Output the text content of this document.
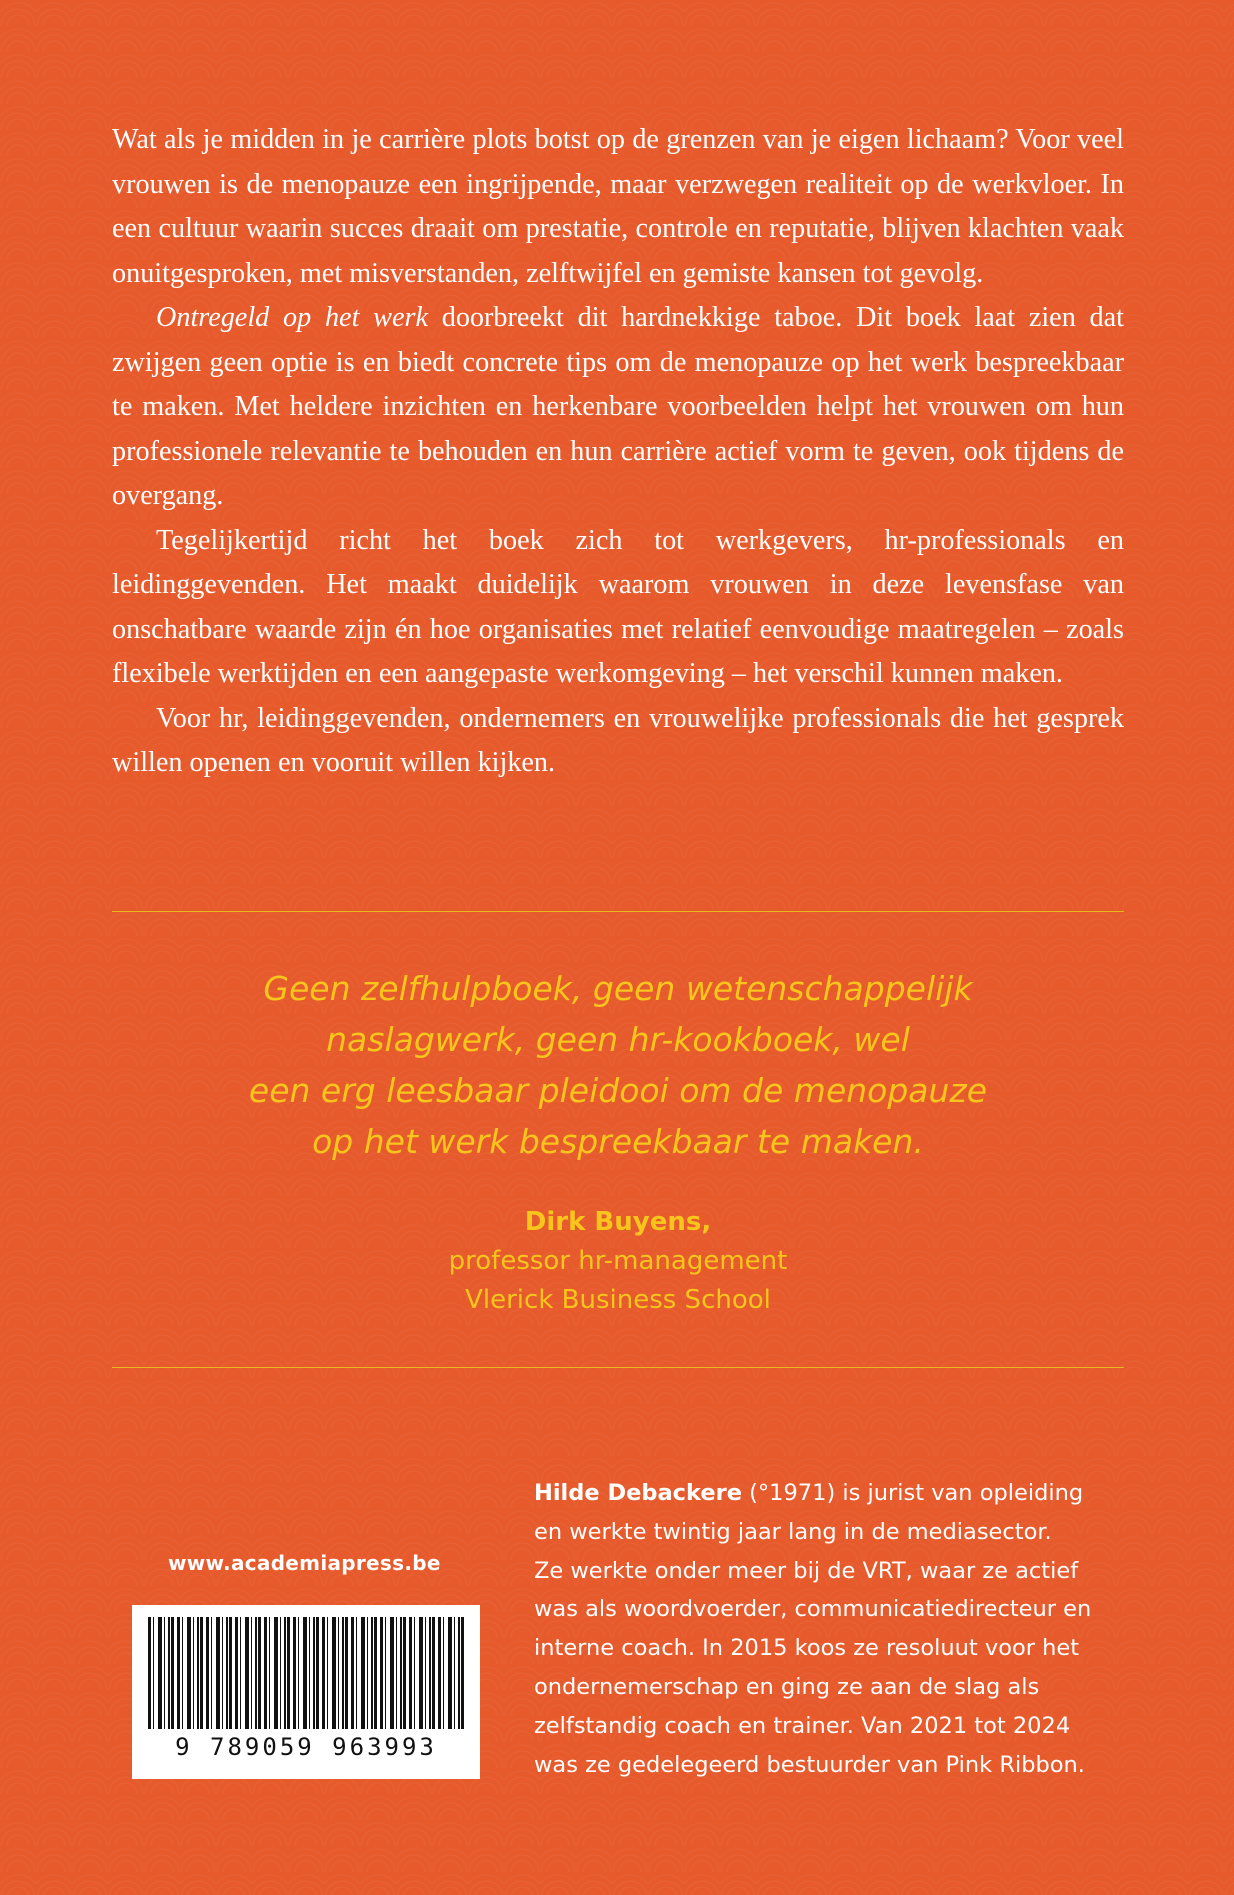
Wat als je midden in je carrière plots botst op de grenzen van je eigen lichaam? Voor veel vrouwen is de menopauze een ingrijpende, maar verzwegen realiteit op de werkvloer. In een cultuur waarin succes draait om prestatie, controle en reputatie, blijven klachten vaak onuitgesproken, met misverstanden, zelftwijfel en gemiste kansen tot gevolg.

Ontregeld op het werk doorbreekt dit hardnekkige taboe. Dit boek laat zien dat zwijgen geen optie is en biedt concrete tips om de menopauze op het werk bespreekbaar te maken. Met heldere inzichten en herkenbare voorbeelden helpt het vrouwen om hun professionele relevantie te behouden en hun carrière actief vorm te geven, ook tijdens de overgang.

Tegelijkertijd richt het boek zich tot werkgevers, hr-professionals en leidinggevenden. Het maakt duidelijk waarom vrouwen in deze levensfase van onschatbare waarde zijn én hoe organisaties met relatief eenvoudige maatregelen – zoals flexibele werktijden en een aangepaste werkomgeving – het verschil kunnen maken.

Voor hr, leidinggevenden, ondernemers en vrouwelijke professionals die het gesprek willen openen en vooruit willen kijken.

Geen zelfhulpboek, geen wetenschappelijk
naslagwerk, geen hr-kookboek, wel
een erg leesbaar pleidooi om de menopauze
op het werk bespreekbaar te maken.
Dirk Buyens,
professor hr-management
Vlerick Business School
www.academiapress.be
9 789059 963993
Hilde Debackere (°1971) is jurist van opleiding
en werkte twintig jaar lang in de mediasector.
Ze werkte onder meer bij de VRT, waar ze actief
was als woordvoerder, communicatiedirecteur en
interne coach. In 2015 koos ze resoluut voor het
ondernemerschap en ging ze aan de slag als
zelfstandig coach en trainer. Van 2021 tot 2024
was ze gedelegeerd bestuurder van Pink Ribbon.
